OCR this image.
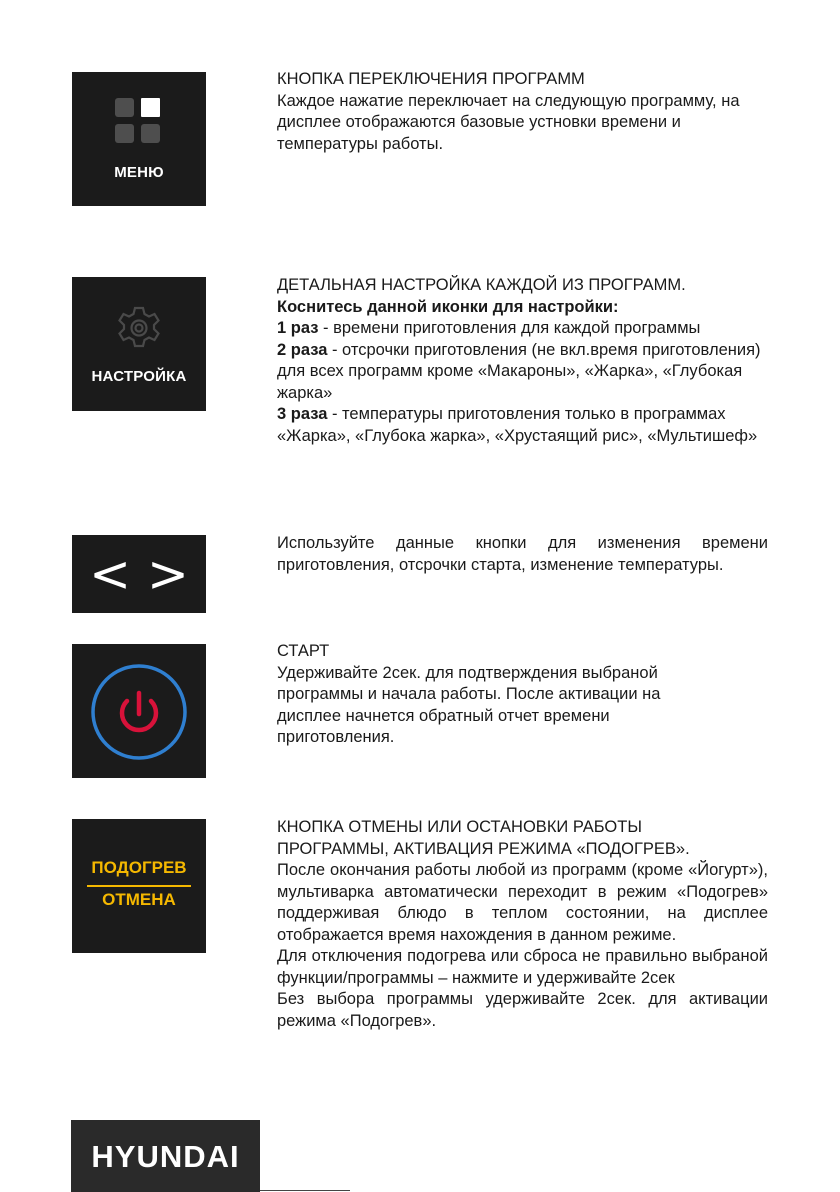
МЕНЮ

КНОПКА ПЕРЕКЛЮЧЕНИЯ ПРОГРАММ

Каждое нажатие переключает на следующую программу, на дисплее отображаются базовые устновки времени и температуры работы.

НАСТРОЙКА

ДЕТАЛЬНАЯ НАСТРОЙКА КАЖДОЙ ИЗ ПРОГРАММ.

Коснитесь данной иконки для настройки:

1 раз - времени приготовления для каждой программы

2 раза - отсрочки приготовления (не вкл.время приготовления) для всех программ кроме «Макароны», «Жарка», «Глубокая жарка»

3 раза - температуры приготовления только в программах «Жарка», «Глубока жарка», «Хрустаящий рис», «Мультишеф»

< >

Используйте данные кнопки для изменения времени приготовления, отсрочки старта, изменение температуры.

СТАРТ

Удерживайте 2сек. для подтверждения выбраной программы и начала работы. После активации на дисплее начнется обратный отчет времени приготовления.

ПОДОГРЕВ
ОТМЕНА

КНОПКА ОТМЕНЫ ИЛИ ОСТАНОВКИ РАБОТЫ ПРОГРАММЫ, АКТИВАЦИЯ РЕЖИМА «ПОДОГРЕВ».

После окончания работы любой из программ (кроме «Йогурт»), мультиварка автоматически переходит в режим «Подогрев» поддерживая блюдо в теплом состоянии, на дисплее отображается время нахождения в данном режиме.

Для отключения подогрева или сброса не правильно выбраной функции/программы – нажмите и удерживайте 2сек

Без выбора программы удерживайте 2сек. для активации режима «Подогрев».

HYUNDAI
